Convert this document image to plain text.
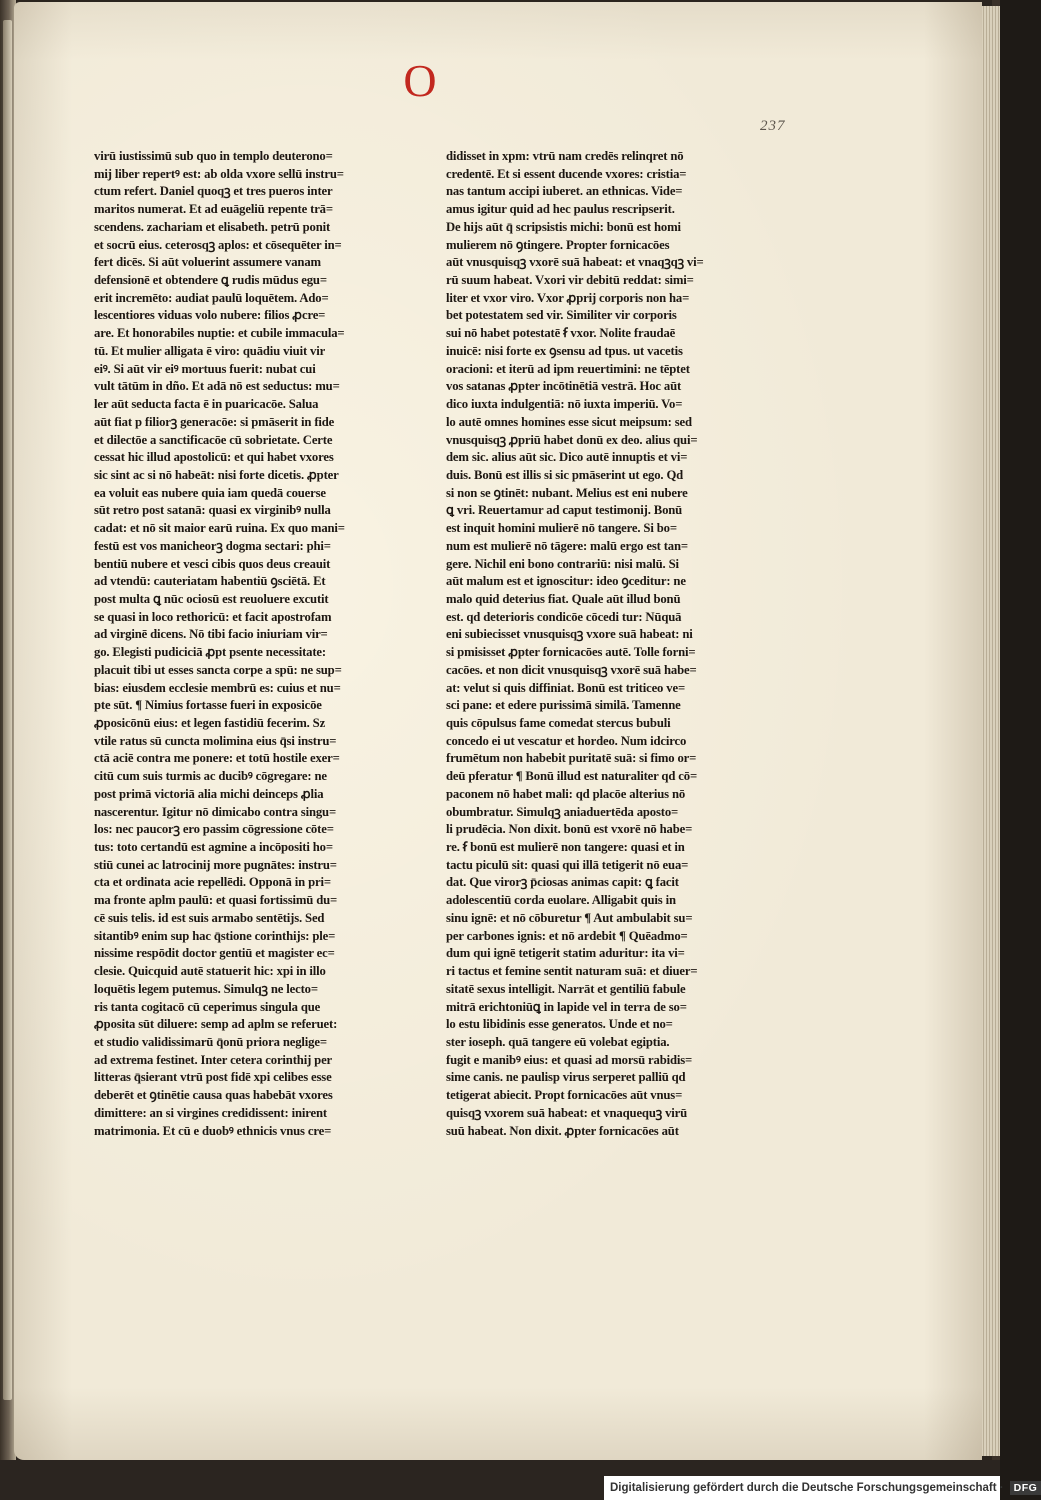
O
237
virū iustissimū sub quo in templo deuterono=
mij liber repertꝰ est: ab olda vxore sellū instru=
ctum refert. Daniel quoqꝫ et tres pueros inter
maritos numerat. Et ad euāgeliū repente trā=
scendens. zachariam et elisabeth. petrū ponit
et socrū eius. ceterosqꝫ aplos: et cōsequēter in=
fert dicēs. Si aūt voluerint assumere vanam
defensionē et obtendere ꝗ rudis mūdus egu=
erit incremēto: audiat paulū loquētem. Ado=
lescentiores viduas volo nubere: filios ꝓcre=
are. Et honorabiles nuptie: et cubile immacula=
tū. Et mulier alligata ē viro: quādiu viuit vir
eiꝰ. Si aūt vir eiꝰ mortuus fuerit: nubat cui
vult tātūm in dño. Et adā nō est seductus: mu=
ler aūt seducta facta ē in puaricacōe. Salua
aūt fiat p filiorꝫ generacōe: si pmāserit in fide
et dilectōe a sanctificacōe cū sobrietate. Certe
cessat hic illud apostolicū: et qui habet vxores
sic sint ac si nō habeāt: nisi forte dicetis. ꝓpter
ea voluit eas nubere quia iam quedā couerse
sūt retro post satanā: quasi ex virginibꝰ nulla
cadat: et nō sit maior earū ruina. Ex quo mani=
festū est vos manicheorꝫ dogma sectari: phi=
bentiū nubere et vesci cibis quos deus creauit
ad vtendū: cauteriatam habentiū ꝯsciētā. Et
post multa ꝗ nūc ociosū est reuoluere excutit
se quasi in loco rethoricū: et facit apostrofam
ad virginē dicens. Nō tibi facio iniuriam vir=
go. Elegisti pudiciciā ꝓpt psente necessitate:
placuit tibi ut esses sancta corpe a spū: ne sup=
bias: eiusdem ecclesie membrū es: cuius et nu=
pte sūt. ¶ Nimius fortasse fueri in exposicōe
ꝓposicōnū eius: et legen fastidiū fecerim. Sz
vtile ratus sū cuncta molimina eius q̄si instru=
ctā aciē contra me ponere: et totū hostile exer=
citū cum suis turmis ac ducibꝰ cōgregare: ne
post primā victoriā alia michi deinceps ꝓlia
nascerentur. Igitur nō dimicabo contra singu=
los: nec paucorꝫ ero passim cōgressione cōte=
tus: toto certandū est agmine a incōpositi ho=
stiū cunei ac latrocinij more pugnātes: instru=
cta et ordinata acie repellēdi. Opponā in pri=
ma fronte aplm paulū: et quasi fortissimū du=
cē suis telis. id est suis armabo sentētijs. Sed
sitantibꝰ enim sup hac q̄stione corinthijs: ple=
nissime respōdit doctor gentiū et magister ec=
clesie. Quicquid autē statuerit hic: xpi in illo
loquētis legem putemus. Simulqꝫ ne lecto=
ris tanta cogitacō cū ceperimus singula que
ꝓposita sūt diluere: semp ad aplm se referuet:
et studio validissimarū q̄onū priora neglige=
ad extrema festinet. Inter cetera corinthij per
litteras q̄sierant vtrū post fidē xpi celibes esse
deberēt et ꝯtinētie causa quas habebāt vxores
dimittere: an si virgines credidissent: inirent
matrimonia. Et cū e duobꝰ ethnicis vnus cre=
didisset in xpm: vtrū nam credēs relinqret nō
credentē. Et si essent ducende vxores: cristia=
nas tantum accipi iuberet. an ethnicas. Vide=
amus igitur quid ad hec paulus rescripserit.
De hijs aūt q̄ scripsistis michi: bonū est homi
mulierem nō ꝯtingere. Propter fornicacōes
aūt vnusquisqꝫ vxorē suā habeat: et vnaqꝫqꝫ vi=
rū suum habeat. Vxori vir debitū reddat: simi=
liter et vxor viro. Vxor ꝓprij corporis non ha=
bet potestatem sed vir. Similiter vir corporis
sui nō habet potestatē ẜ vxor. Nolite fraudaē
inuicē: nisi forte ex ꝯsensu ad tpus. ut vacetis
oracioni: et iterū ad ipm reuertimini: ne tēptet
vos satanas ꝓpter incōtinētiā vestrā. Hoc aūt
dico iuxta indulgentiā: nō iuxta imperiū. Vo=
lo autē omnes homines esse sicut meipsum: sed
vnusquisqꝫ ꝓpriū habet donū ex deo. alius qui=
dem sic. alius aūt sic. Dico autē innuptis et vi=
duis. Bonū est illis si sic pmāserint ut ego. Qd
si non se ꝯtinēt: nubant. Melius est eni nubere
ꝗ vri. Reuertamur ad caput testimonij. Bonū
est inquit homini mulierē nō tangere. Si bo=
num est mulierē nō tāgere: malū ergo est tan=
gere. Nichil eni bono contrariū: nisi malū. Si
aūt malum est et ignoscitur: ideo ꝯceditur: ne
malo quid deterius fiat. Quale aūt illud bonū
est. qd deterioris condicōe cōcedi tur: Nūquā
eni subiecisset vnusquisqꝫ vxore suā habeat: ni
si pmisisset ꝓpter fornicacōes autē. Tolle forni=
cacōes. et non dicit vnusquisqꝫ vxorē suā habe=
at: velut si quis diffiniat. Bonū est triticeo ve=
sci pane: et edere purissimā similā. Tamenne
quis cōpulsus fame comedat stercus bubuli
concedo ei ut vescatur et hordeo. Num idcirco
frumētum non habebit puritatē suā: si fimo or=
deū pferatur ¶ Bonū illud est naturaliter qd cō=
paconem nō habet mali: qd placōe alterius nō
obumbratur. Simulqꝫ aniaduertēda aposto=
li prudēcia. Non dixit. bonū est vxorē nō habe=
re. ẜ bonū est mulierē non tangere: quasi et in
tactu piculū sit: quasi qui illā tetigerit nō eua=
dat. Que virorꝫ p̄ciosas animas capit: ꝗ facit
adolescentiū corda euolare. Alligabit quis in
sinu ignē: et nō cōburetur ¶ Aut ambulabit su=
per carbones ignis: et nō ardebit ¶ Quēadmo=
dum qui ignē tetigerit statim aduritur: ita vi=
ri tactus et femine sentit naturam suā: et diuer=
sitatē sexus intelligit. Narrāt et gentiliū fabule
mitrā erichtoniūꝗ in lapide vel in terra de so=
lo estu libidinis esse generatos. Unde et no=
ster ioseph. quā tangere eū volebat egiptia.
fugit e manibꝰ eius: et quasi ad morsū rabidis=
sime canis. ne paulisp virus serperet palliū qd
tetigerat abiecit. Propt fornicacōes aūt vnus=
quisqꝫ vxorem suā habeat: et vnaquequꝫ virū
suū habeat. Non dixit. ꝓpter fornicacōes aūt
Digitalisierung gefördert durch die Deutsche Forschungsgemeinschaft · DFG
